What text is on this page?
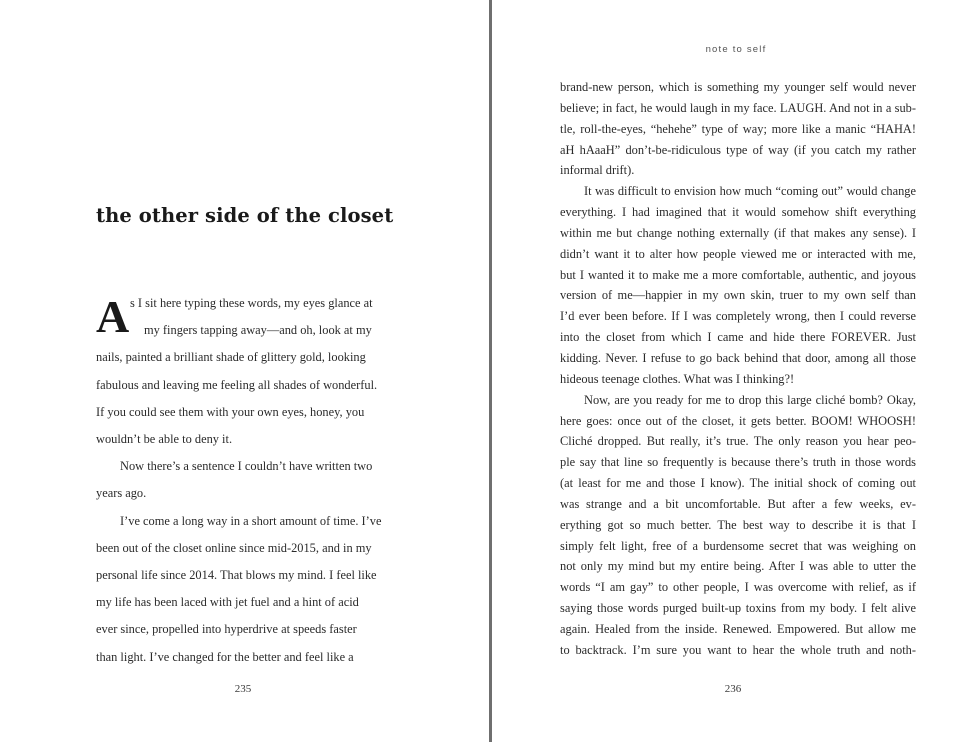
the other side of the closet
A s I sit here typing these words, my eyes glance at
my fingers tapping away—and oh, look at my
nails, painted a brilliant shade of glittery gold, looking
fabulous and leaving me feeling all shades of wonderful.
If you could see them with your own eyes, honey, you
wouldn’t be able to deny it.
Now there’s a sentence I couldn’t have written two
years ago.
I’ve come a long way in a short amount of time. I’ve
been out of the closet online since mid-2015, and in my
personal life since 2014. That blows my mind. I feel like
my life has been laced with jet fuel and a hint of acid
ever since, propelled into hyperdrive at speeds faster
than light. I’ve changed for the better and feel like a
235
note to self
brand-new person, which is something my younger self would never
believe; in fact, he would laugh in my face. LAUGH. And not in a sub-
tle, roll-the-eyes, “hehehe” type of way; more like a manic “HAHA!
aH hAaaH” don’t-be-ridiculous type of way (if you catch my rather
informal drift).
It was difficult to envision how much “coming out” would change
everything. I had imagined that it would somehow shift everything
within me but change nothing externally (if that makes any sense). I
didn’t want it to alter how people viewed me or interacted with me,
but I wanted it to make me a more comfortable, authentic, and joyous
version of me—happier in my own skin, truer to my own self than
I’d ever been before. If I was completely wrong, then I could reverse
into the closet from which I came and hide there FOREVER. Just
kidding. Never. I refuse to go back behind that door, among all those
hideous teenage clothes. What was I thinking?!
Now, are you ready for me to drop this large cliché bomb? Okay,
here goes: once out of the closet, it gets better. BOOM! WHOOSH!
Cliché dropped. But really, it’s true. The only reason you hear peo-
ple say that line so frequently is because there’s truth in those words
(at least for me and those I know). The initial shock of coming out
was strange and a bit uncomfortable. But after a few weeks, ev-
erything got so much better. The best way to describe it is that I
simply felt light, free of a burdensome secret that was weighing on
not only my mind but my entire being. After I was able to utter the
words “I am gay” to other people, I was overcome with relief, as if
saying those words purged built-up toxins from my body. I felt alive
again. Healed from the inside. Renewed. Empowered. But allow me
to backtrack. I’m sure you want to hear the whole truth and noth-
236
